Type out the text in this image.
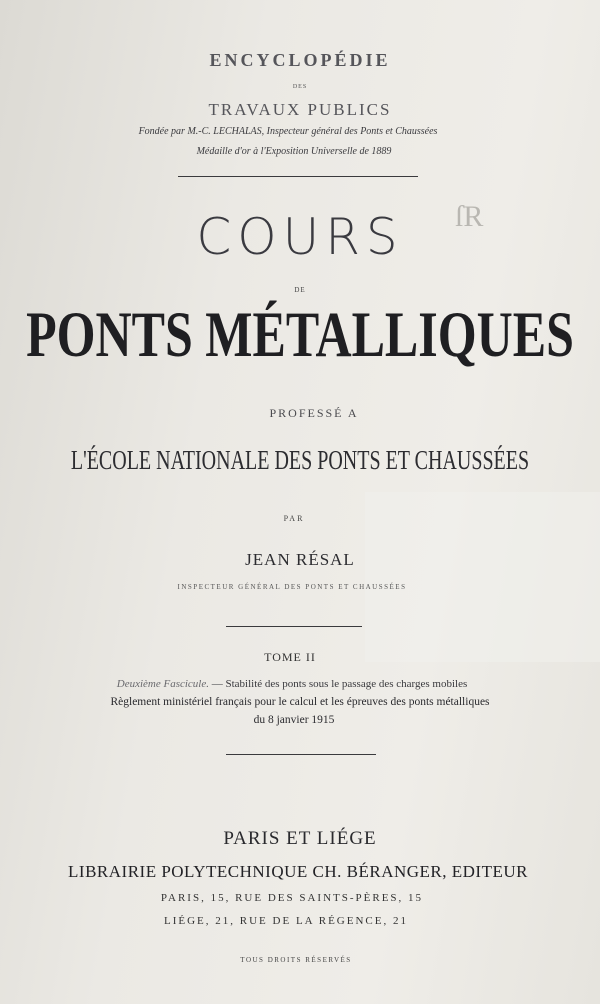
ſR
ENCYCLOPÉDIE
DES
TRAVAUX PUBLICS
Fondée par M.-C. LECHALAS, Inspecteur général des Ponts et Chaussées
Médaille d'or à l'Exposition Universelle de 1889
COURS
DE
PONTS MÉTALLIQUES
PROFESSÉ A
L'ÉCOLE NATIONALE DES PONTS ET CHAUSSÉES
PAR
JEAN RÉSAL
INSPECTEUR GÉNÉRAL DES PONTS ET CHAUSSÉES
TOME II
Deuxième Fascicule. — Stabilité des ponts sous le passage des charges mobiles
Règlement ministériel français pour le calcul et les épreuves des ponts métalliques
du 8 janvier 1915
PARIS ET LIÉGE
LIBRAIRIE POLYTECHNIQUE CH. BÉRANGER, EDITEUR
PARIS, 15, RUE DES SAINTS-PÈRES, 15
LIÉGE, 21, RUE DE LA RÉGENCE, 21
TOUS DROITS RÉSERVÉS
